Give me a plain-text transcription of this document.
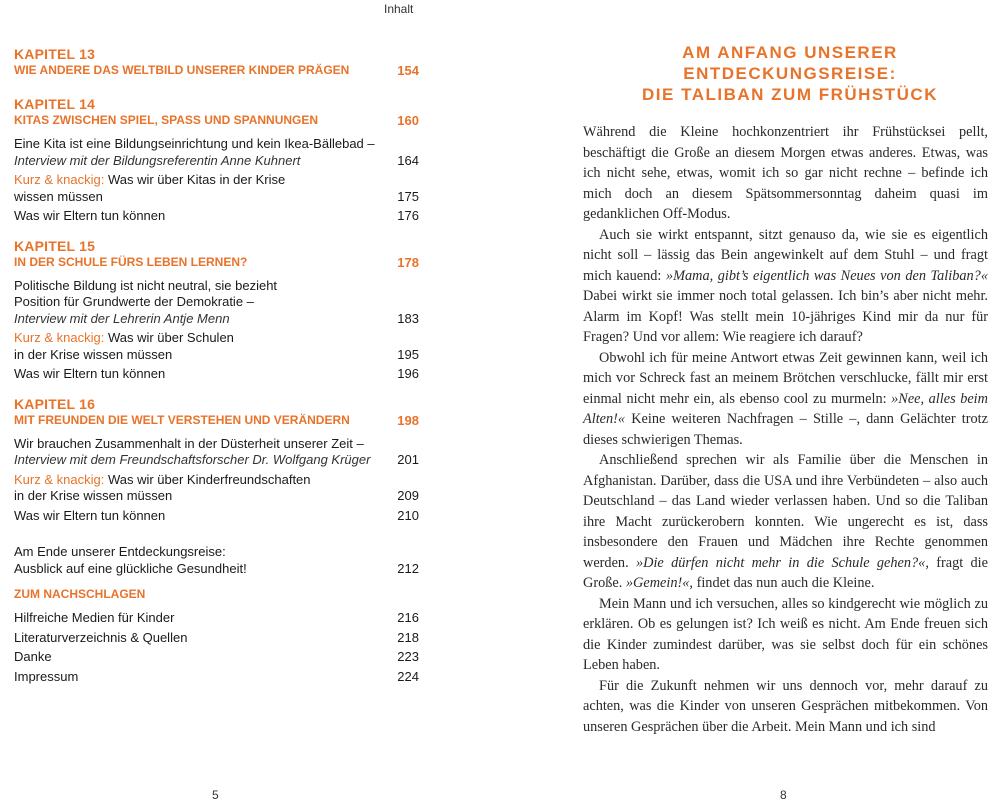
Inhalt
KAPITEL 13
WIE ANDERE DAS WELTBILD UNSERER KINDER PRÄGEN	154
KAPITEL 14
KITAS ZWISCHEN SPIEL, SPASS UND SPANNUNGEN	160
Eine Kita ist eine Bildungseinrichtung und kein Ikea-Bällebad –
Interview mit der Bildungsreferentin Anne Kuhnert	164
Kurz & knackig: Was wir über Kitas in der Krise
wissen müssen	175
Was wir Eltern tun können	176
KAPITEL 15
IN DER SCHULE FÜRS LEBEN LERNEN?	178
Politische Bildung ist nicht neutral, sie bezieht
Position für Grundwerte der Demokratie –
Interview mit der Lehrerin Antje Menn	183
Kurz & knackig: Was wir über Schulen
in der Krise wissen müssen	195
Was wir Eltern tun können	196
KAPITEL 16
MIT FREUNDEN DIE WELT VERSTEHEN UND VERÄNDERN	198
Wir brauchen Zusammenhalt in der Düsterheit unserer Zeit –
Interview mit dem Freundschaftsforscher Dr. Wolfgang Krüger	201
Kurz & knackig: Was wir über Kinderfreundschaften
in der Krise wissen müssen	209
Was wir Eltern tun können	210
Am Ende unserer Entdeckungsreise:
Ausblick auf eine glückliche Gesundheit!	212
ZUM NACHSCHLAGEN
Hilfreiche Medien für Kinder	216
Literaturverzeichnis & Quellen	218
Danke	223
Impressum	224
5
AM ANFANG UNSERER
ENTDECKUNGSREISE:
DIE TALIBAN ZUM FRÜHSTÜCK

Während die Kleine hochkonzentriert ihr Frühstücksei pellt, beschäftigt die Große an diesem Morgen etwas anderes. Etwas, was ich nicht sehe, etwas, womit ich so gar nicht rechne – befinde ich mich doch an diesem Spätsommersonntag daheim quasi im gedanklichen Off-Modus.

Auch sie wirkt entspannt, sitzt genauso da, wie sie es eigentlich nicht soll – lässig das Bein angewinkelt auf dem Stuhl – und fragt mich kauend: »Mama, gibt’s eigentlich was Neues von den Taliban?« Dabei wirkt sie immer noch total gelassen. Ich bin’s aber nicht mehr. Alarm im Kopf! Was stellt mein 10-jähriges Kind mir da nur für Fragen? Und vor allem: Wie reagiere ich darauf?

Obwohl ich für meine Antwort etwas Zeit gewinnen kann, weil ich mich vor Schreck fast an meinem Brötchen verschlucke, fällt mir erst einmal nicht mehr ein, als ebenso cool zu murmeln: »Nee, alles beim Alten!« Keine weiteren Nachfragen – Stille –, dann Gelächter trotz dieses schwierigen Themas.

Anschließend sprechen wir als Familie über die Menschen in Afghanistan. Darüber, dass die USA und ihre Verbündeten – also auch Deutschland – das Land wieder verlassen haben. Und so die Taliban ihre Macht zurückerobern konnten. Wie ungerecht es ist, dass insbesondere den Frauen und Mädchen ihre Rechte genommen werden. »Die dürfen nicht mehr in die Schule gehen?«, fragt die Große. »Gemein!«, findet das nun auch die Kleine.

Mein Mann und ich versuchen, alles so kindgerecht wie möglich zu erklären. Ob es gelungen ist? Ich weiß es nicht. Am Ende freuen sich die Kinder zumindest darüber, was sie selbst doch für ein schönes Leben haben.

Für die Zukunft nehmen wir uns dennoch vor, mehr darauf zu achten, was die Kinder von unseren Gesprächen mitbekommen. Von unseren Gesprächen über die Arbeit. Mein Mann und ich sind

8
